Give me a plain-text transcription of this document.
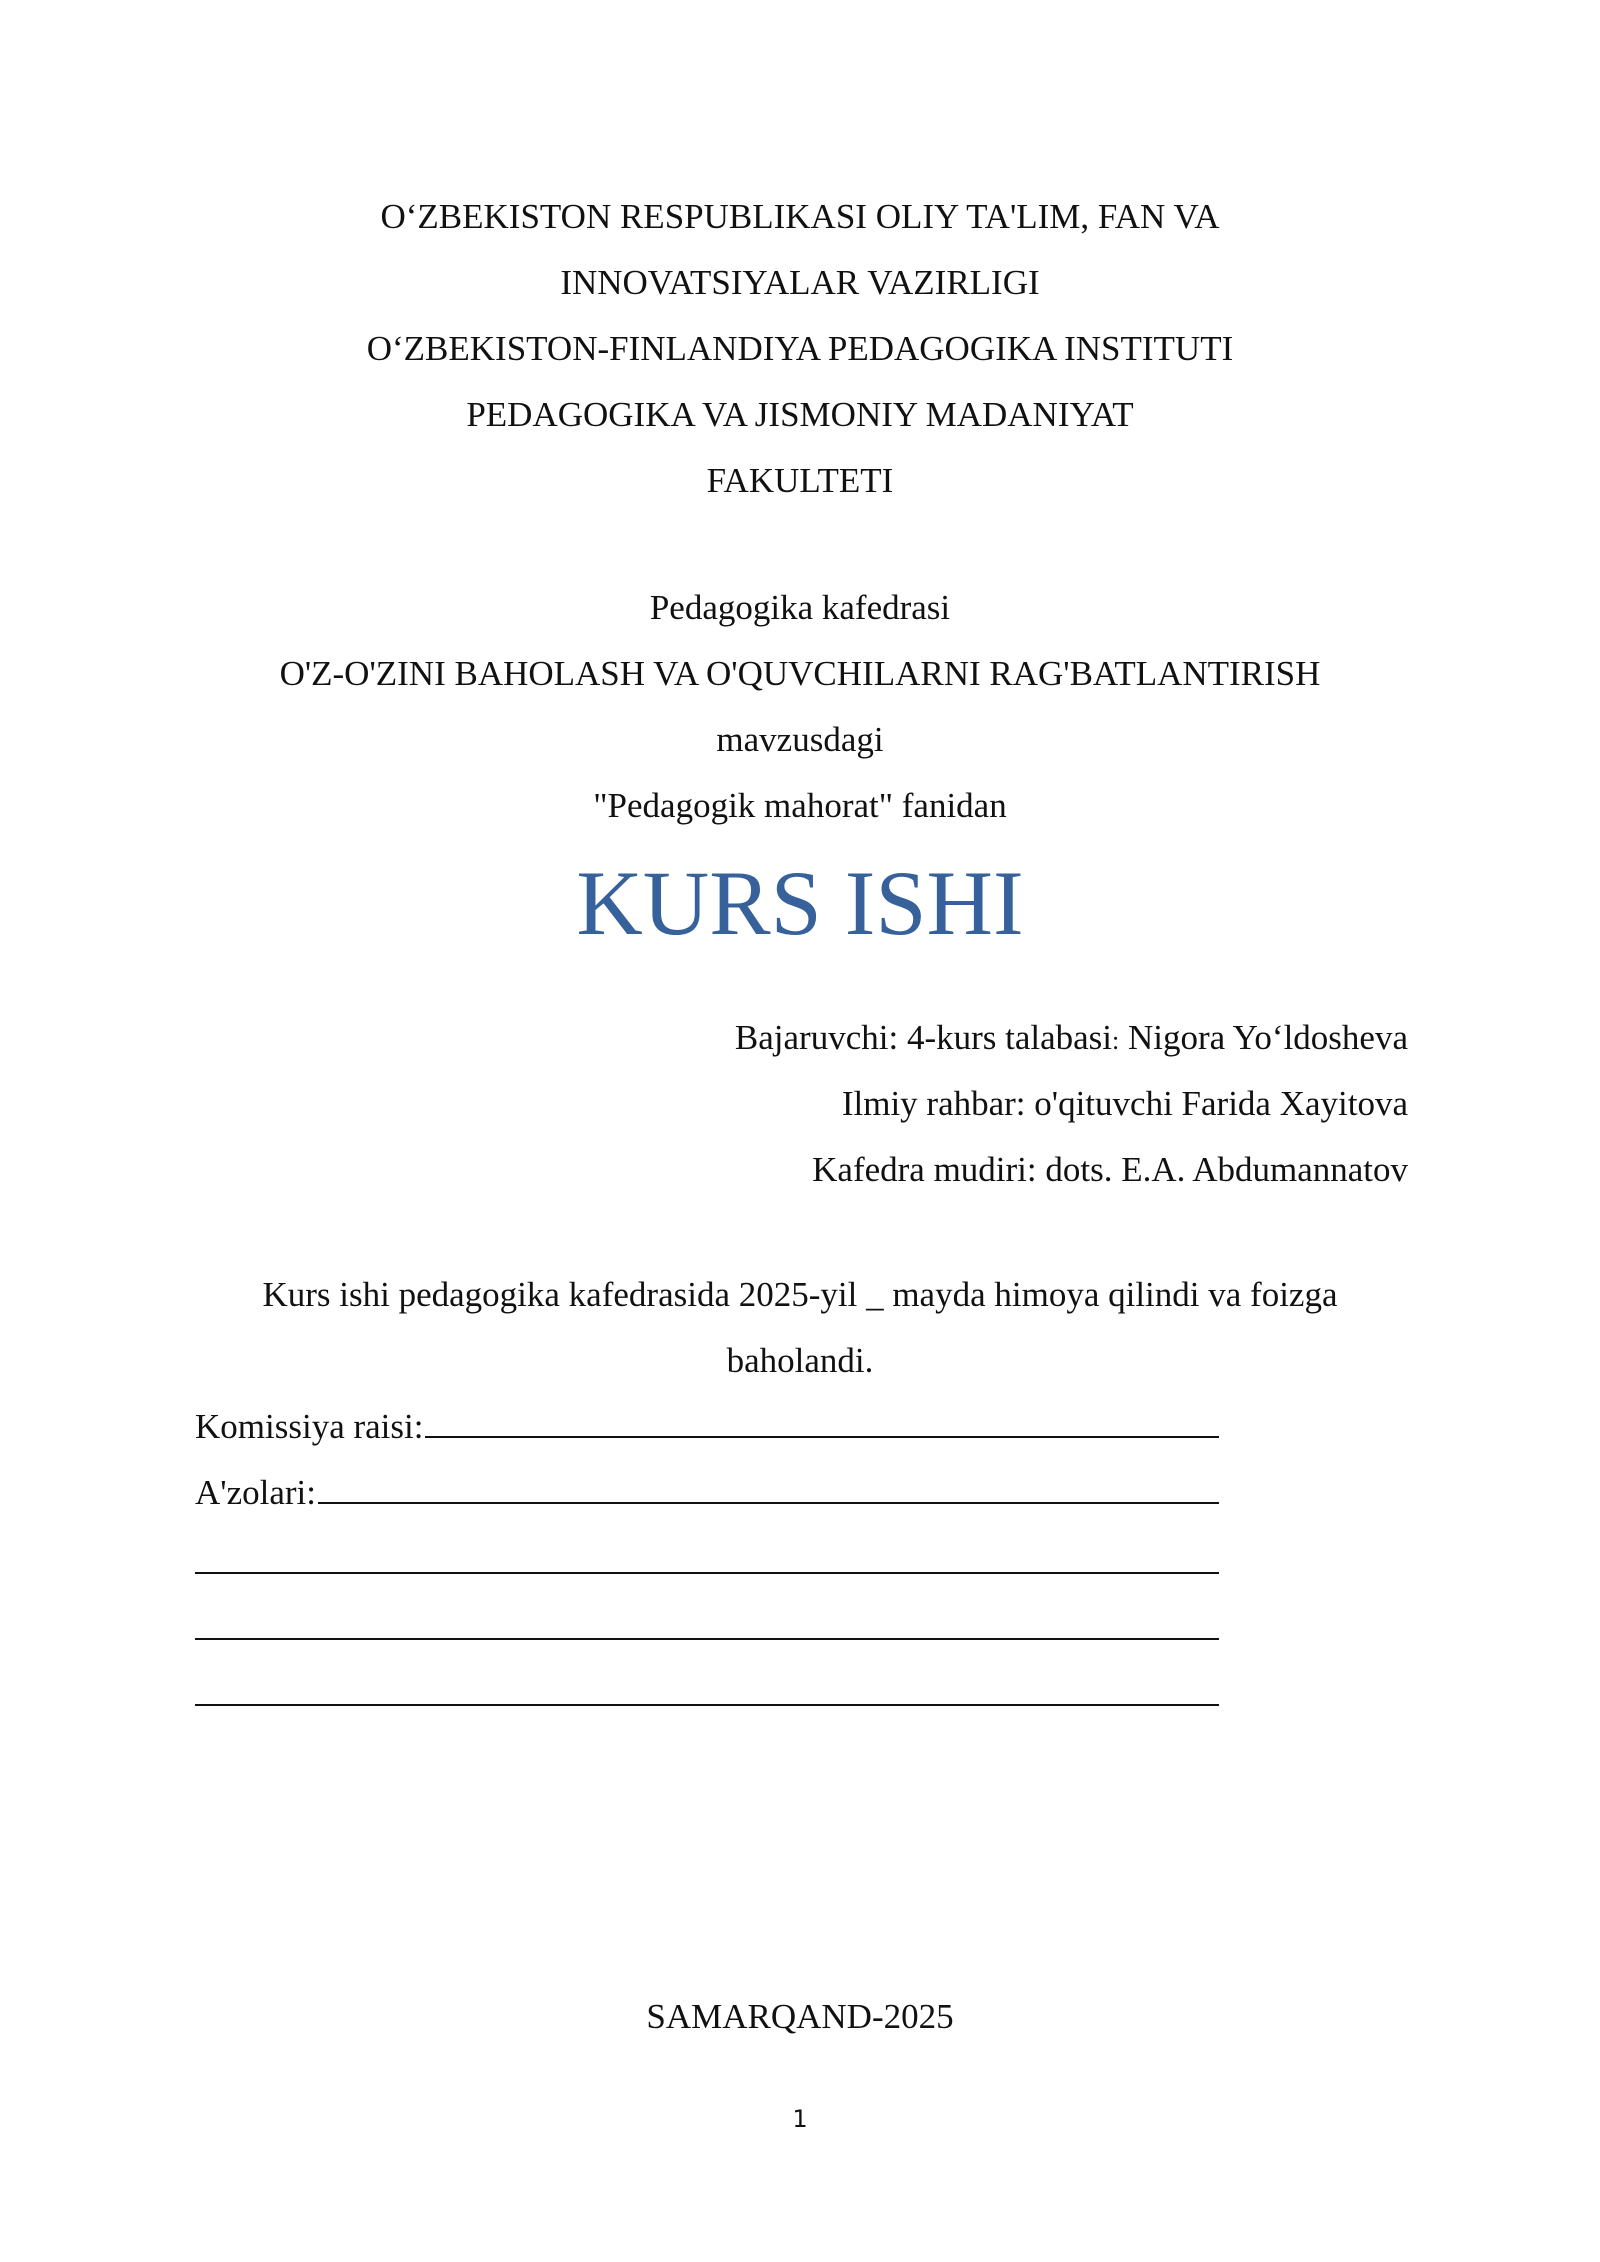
O‘ZBEKISTON RESPUBLIKASI OLIY TA'LIM, FAN VA
INNOVATSIYALAR VAZIRLIGI
O‘ZBEKISTON-FINLANDIYA PEDAGOGIKA INSTITUTI
PEDAGOGIKA VA JISMONIY MADANIYAT
FAKULTETI
Pedagogika kafedrasi
O'Z-O'ZINI BAHOLASH VA O'QUVCHILARNI RAG'BATLANTIRISH
mavzusdagi
"Pedagogik mahorat" fanidan
KURS ISHI
Bajaruvchi: 4-kurs talabasi: Nigora Yo‘ldosheva
Ilmiy rahbar: o'qituvchi Farida Xayitova
Kafedra mudiri: dots. E.A. Abdumannatov
Kurs ishi pedagogika kafedrasida 2025-yil _ mayda himoya qilindi va foizga
baholandi.
Komissiya raisi:
A'zolari:
SAMARQAND-2025
1
